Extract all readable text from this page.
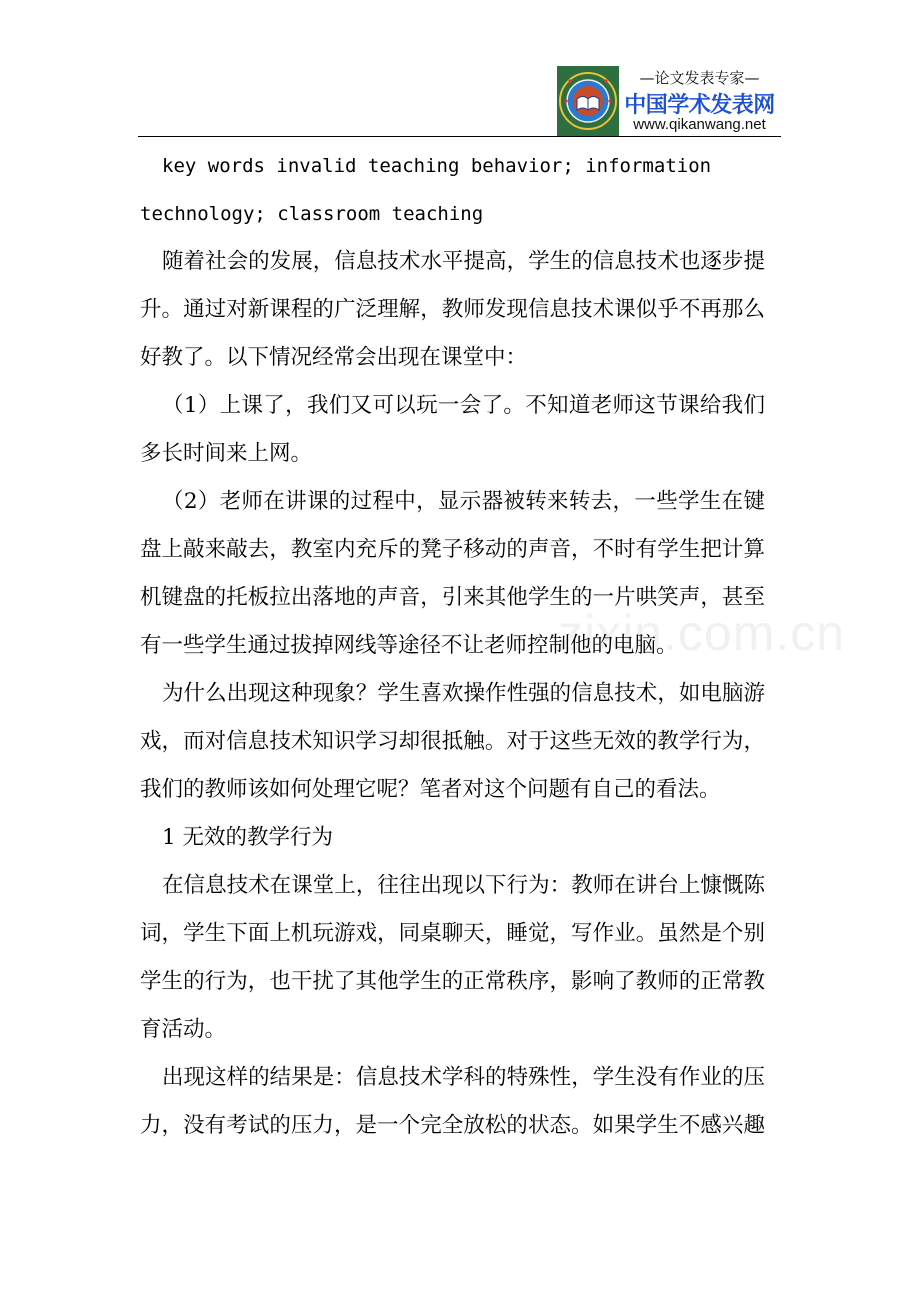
—论文发表专家—
中国学术发表网
www.qikanwang.net
zixin.com.cn
key words invalid teaching behavior; information
technology; classroom teaching
随着社会的发展，信息技术水平提高，学生的信息技术也逐步提
升。通过对新课程的广泛理解，教师发现信息技术课似乎不再那么
好教了。以下情况经常会出现在课堂中：
（1）上课了，我们又可以玩一会了。不知道老师这节课给我们
多长时间来上网。
（2）老师在讲课的过程中，显示器被转来转去，一些学生在键
盘上敲来敲去，教室内充斥的凳子移动的声音，不时有学生把计算
机键盘的托板拉出落地的声音，引来其他学生的一片哄笑声，甚至
有一些学生通过拔掉网线等途径不让老师控制他的电脑。
为什么出现这种现象？学生喜欢操作性强的信息技术，如电脑游
戏，而对信息技术知识学习却很抵触。对于这些无效的教学行为，
我们的教师该如何处理它呢？笔者对这个问题有自己的看法。
1 无效的教学行为
在信息技术在课堂上，往往出现以下行为：教师在讲台上慷慨陈
词，学生下面上机玩游戏，同桌聊天，睡觉，写作业。虽然是个别
学生的行为，也干扰了其他学生的正常秩序，影响了教师的正常教
育活动。
出现这样的结果是：信息技术学科的特殊性，学生没有作业的压
力，没有考试的压力，是一个完全放松的状态。如果学生不感兴趣
